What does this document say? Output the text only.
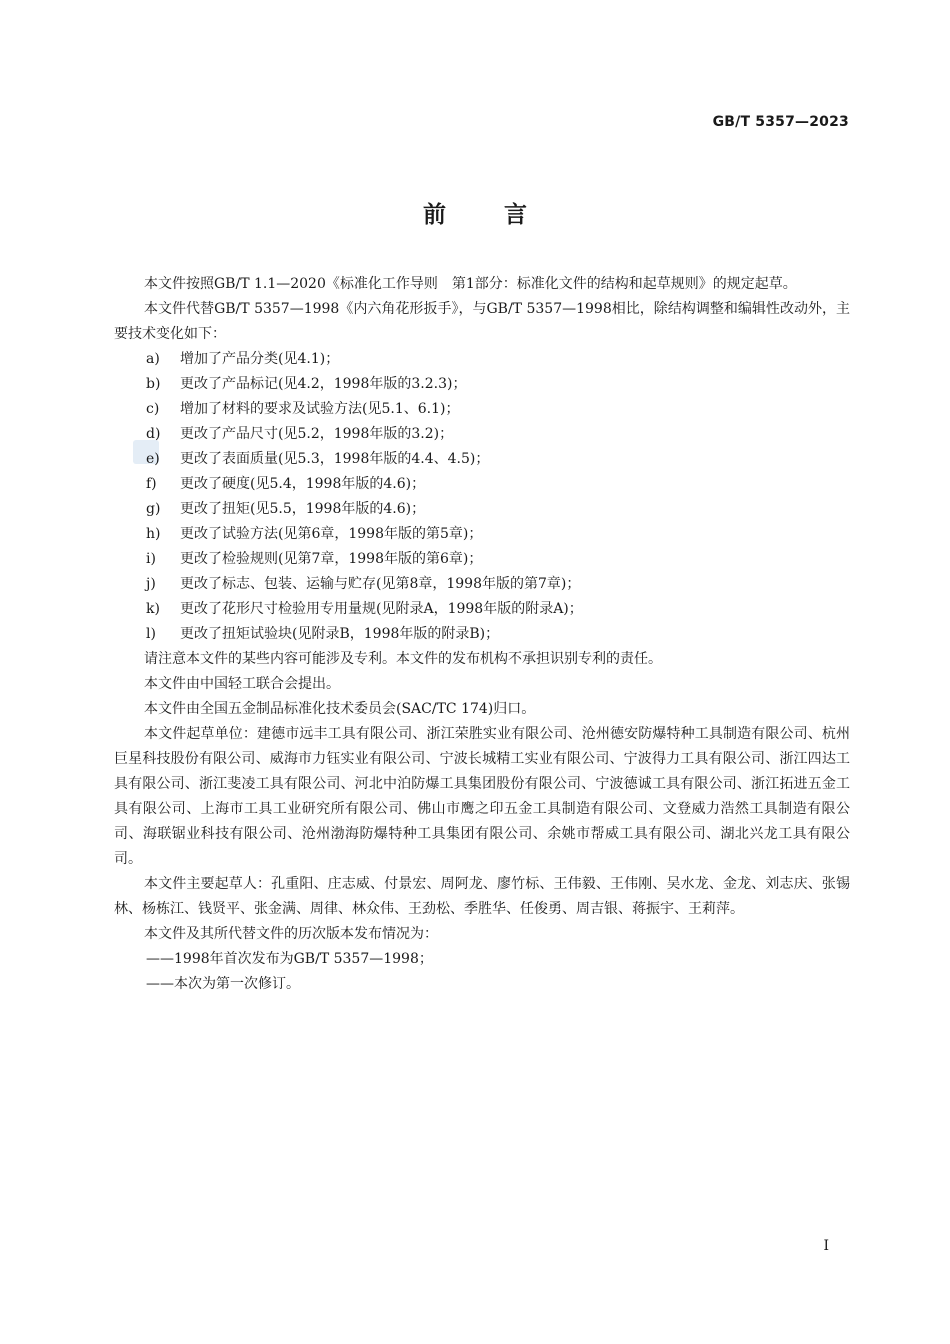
GB/T 5357—2023
前言

本文件按照GB/T 1.1—2020《标准化工作导则　第1部分：标准化文件的结构和起草规则》的规定起草。

本文件代替GB/T 5357—1998《内六角花形扳手》，与GB/T 5357—1998相比，除结构调整和编辑性改动外，主要技术变化如下：

a) 增加了产品分类(见4.1)；

b) 更改了产品标记(见4.2，1998年版的3.2.3)；

c) 增加了材料的要求及试验方法(见5.1、6.1)；

d) 更改了产品尺寸(见5.2，1998年版的3.2)；

e) 更改了表面质量(见5.3，1998年版的4.4、4.5)；

f) 更改了硬度(见5.4，1998年版的4.6)；

g) 更改了扭矩(见5.5，1998年版的4.6)；

h) 更改了试验方法(见第6章，1998年版的第5章)；

i) 更改了检验规则(见第7章，1998年版的第6章)；

j) 更改了标志、包装、运输与贮存(见第8章，1998年版的第7章)；

k) 更改了花形尺寸检验用专用量规(见附录A，1998年版的附录A)；

l) 更改了扭矩试验块(见附录B，1998年版的附录B)；

请注意本文件的某些内容可能涉及专利。本文件的发布机构不承担识别专利的责任。

本文件由中国轻工联合会提出。

本文件由全国五金制品标准化技术委员会(SAC/TC 174)归口。

本文件起草单位：建德市远丰工具有限公司、浙江荣胜实业有限公司、沧州德安防爆特种工具制造有限公司、杭州巨星科技股份有限公司、威海市力钰实业有限公司、宁波长城精工实业有限公司、宁波得力工具有限公司、浙江四达工具有限公司、浙江斐凌工具有限公司、河北中泊防爆工具集团股份有限公司、宁波德诚工具有限公司、浙江拓进五金工具有限公司、上海市工具工业研究所有限公司、佛山市鹰之印五金工具制造有限公司、文登威力浩然工具制造有限公司、海联锯业科技有限公司、沧州渤海防爆特种工具集团有限公司、余姚市帮威工具有限公司、湖北兴龙工具有限公司。

本文件主要起草人：孔重阳、庄志威、付景宏、周阿龙、廖竹标、王伟毅、王伟刚、吴水龙、金龙、刘志庆、张锡林、杨栋江、钱贤平、张金满、周律、林众伟、王劲松、季胜华、任俊勇、周吉银、蒋振宇、王莉萍。

本文件及其所代替文件的历次版本发布情况为：

——1998年首次发布为GB/T 5357—1998；

——本次为第一次修订。

I
